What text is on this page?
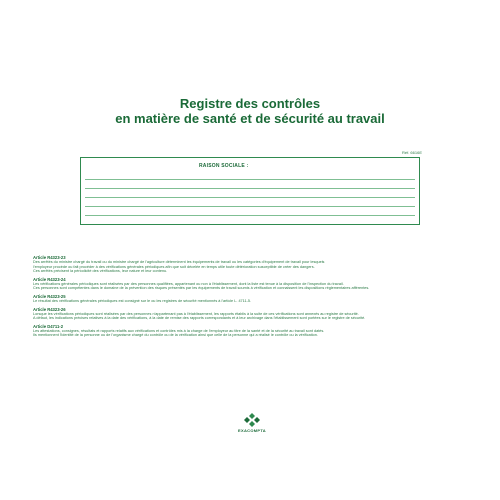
Registre des contrôles
en matière de santé et de sécurité au travail
Réf. 6616E
RAISON SOCIALE :
Article R4323-23
Des arrêtés du ministre chargé du travail ou du ministre chargé de l'agriculture déterminent les équipements de travail ou les catégories d'équipement de travail pour lesquels
l'employeur procède ou fait procéder à des vérifications générales périodiques afin que soit décelée en temps utile toute détérioration susceptible de créer des dangers.
Ces arrêtés précisent la périodicité des vérifications, leur nature et leur contenu.
Article R4323-24
Les vérifications générales périodiques sont réalisées par des personnes qualifiées, appartenant ou non à l'établissement, dont la liste est tenue à la disposition de l'inspection du travail.
Ces personnes sont compétentes dans le domaine de la prévention des risques présentés par les équipements de travail soumis à vérification et connaissent les dispositions réglementaires afférentes.
Article R4323-25
Le résultat des vérifications générales périodiques est consigné sur le ou les registres de sécurité mentionnés à l'article L. 4711-5.
Article R4323-26
Lorsque les vérifications périodiques sont réalisées par des personnes n'appartenant pas à l'établissement, les rapports établis à la suite de ces vérifications sont annexés au registre de sécurité.
A défaut, les indications précises relatives à la date des vérifications, à la date de remise des rapports correspondants et à leur archivage dans l'établissement sont portées sur le registre de sécurité.
Article D4711-2
Les attestations, consignes, résultats et rapports relatifs aux vérifications et contrôles mis à la charge de l'employeur au titre de la santé et de la sécurité au travail sont datés.
Ils mentionnent l'identité de la personne ou de l'organisme chargé du contrôle ou de la vérification ainsi que celle de la personne qui a réalisé le contrôle ou la vérification.
EXACOMPTA
